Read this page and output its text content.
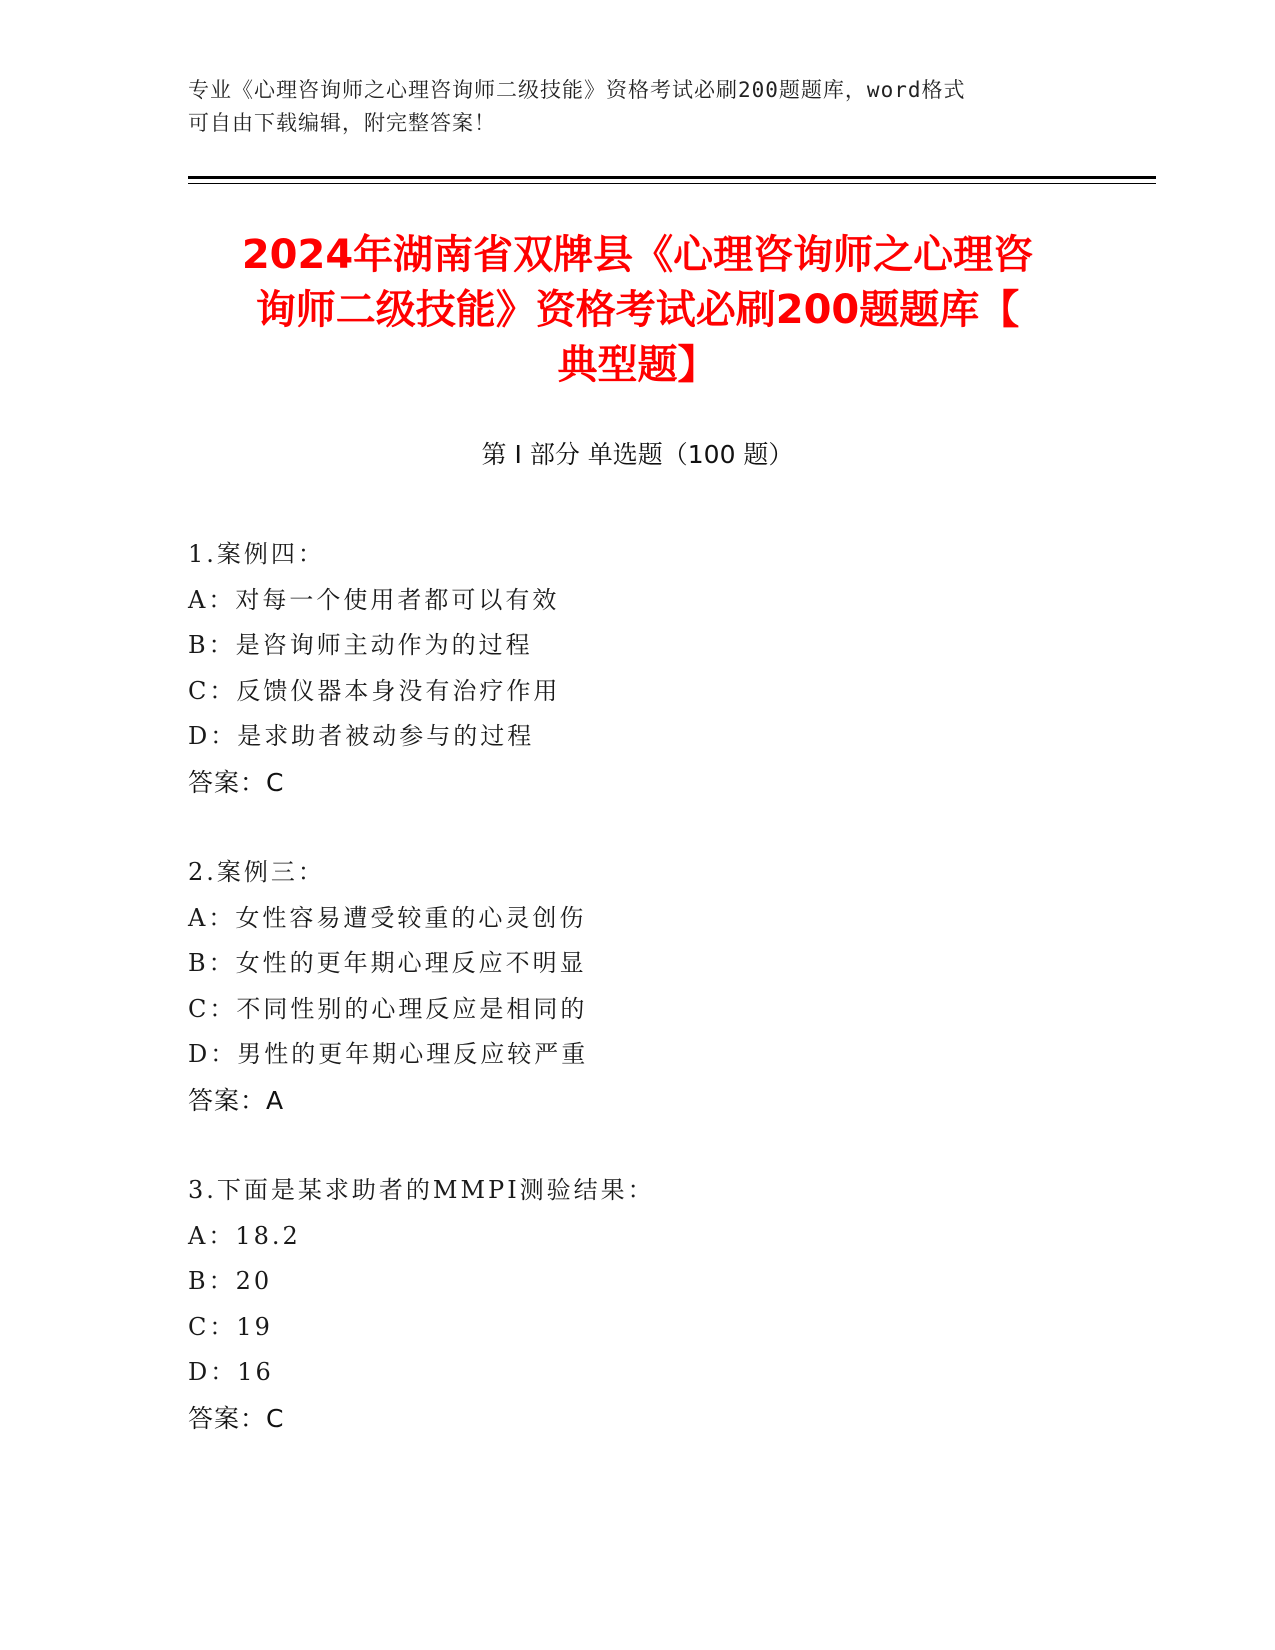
专业《心理咨询师之心理咨询师二级技能》资格考试必刷200题题库，word格式
可自由下载编辑，附完整答案！
2024年湖南省双牌县《心理咨询师之心理咨
询师二级技能》资格考试必刷200题题库【
典型题】
第 I 部分 单选题（100 题）
1.案例四：
A：对每一个使用者都可以有效
B：是咨询师主动作为的过程
C：反馈仪器本身没有治疗作用
D：是求助者被动参与的过程
答案：C
2.案例三：
A：女性容易遭受较重的心灵创伤
B：女性的更年期心理反应不明显
C：不同性别的心理反应是相同的
D：男性的更年期心理反应较严重
答案：A
3.下面是某求助者的MMPI测验结果：
A：18.2
B：20
C：19
D：16
答案：C
